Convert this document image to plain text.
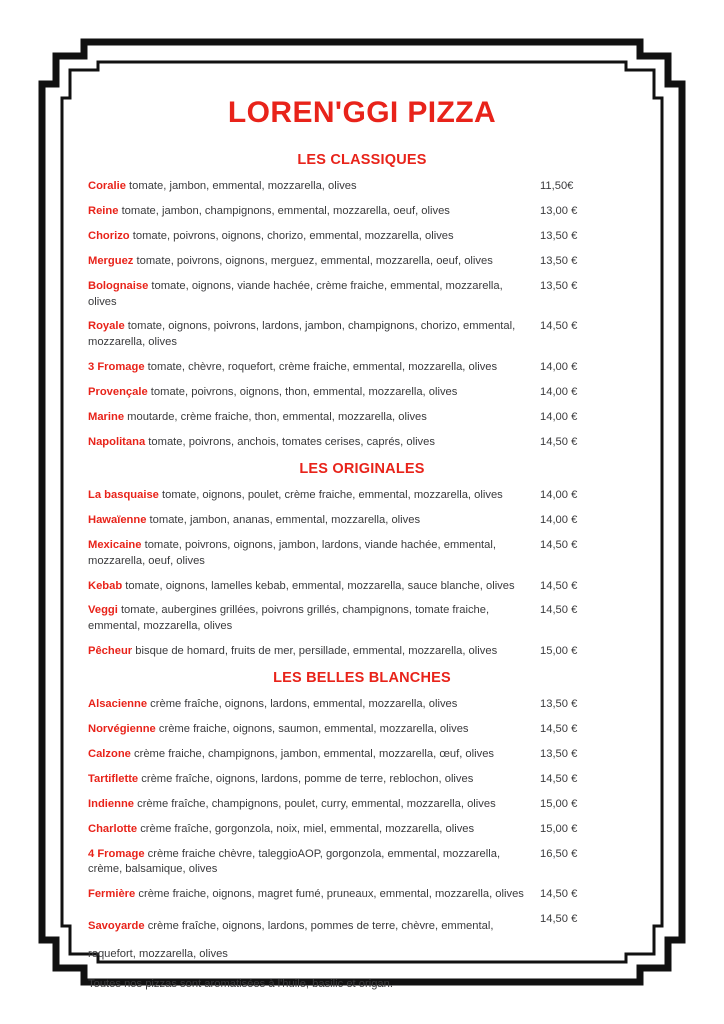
LOREN'GGI PIZZA
LES CLASSIQUES
Coralie tomate, jambon, emmental, mozzarella, olives	11,50€
Reine tomate, jambon, champignons, emmental, mozzarella, oeuf, olives	13,00 €
Chorizo tomate, poivrons, oignons, chorizo, emmental, mozzarella, olives	13,50 €
Merguez tomate, poivrons, oignons, merguez, emmental, mozzarella, oeuf, olives	13,50 €
Bolognaise tomate, oignons, viande hachée, crème fraiche, emmental, mozzarella, olives
13,50 €
Royale tomate, oignons, poivrons, lardons, jambon, champignons, chorizo, emmental, mozzarella, olives
14,50 €
3 Fromage tomate, chèvre, roquefort, crème fraiche, emmental, mozzarella, olives	14,00 €
Provençale tomate, poivrons, oignons, thon, emmental, mozzarella, olives	14,00 €
Marine moutarde, crème fraiche, thon, emmental, mozzarella, olives	14,00 €
Napolitana tomate, poivrons, anchois, tomates cerises, caprés, olives	14,50 €
LES ORIGINALES
La basquaise tomate, oignons, poulet, crème fraiche, emmental, mozzarella, olives	14,00 €
Hawaïenne tomate, jambon, ananas, emmental, mozzarella, olives	14,00 €
Mexicaine tomate, poivrons, oignons, jambon, lardons, viande hachée, emmental, mozzarella, oeuf, olives
14,50 €
Kebab tomate, oignons, lamelles kebab, emmental, mozzarella, sauce blanche, olives	14,50 €
Veggi tomate, aubergines grillées, poivrons grillés, champignons, tomate fraiche, emmental, mozzarella, olives
14,50 €
Pêcheur bisque de homard, fruits de mer, persillade, emmental, mozzarella, olives	15,00 €
LES BELLES BLANCHES
Alsacienne crème fraîche, oignons, lardons, emmental, mozzarella, olives	13,50 €
Norvégienne crème fraiche, oignons, saumon, emmental, mozzarella, olives	14,50 €
Calzone crème fraiche, champignons, jambon, emmental, mozzarella, œuf, olives	13,50 €
Tartiflette crème fraîche, oignons, lardons, pomme de terre, reblochon, olives	14,50 €
Indienne crème fraîche, champignons, poulet, curry, emmental, mozzarella, olives	15,00 €
Charlotte crème fraîche, gorgonzola, noix, miel, emmental, mozzarella, olives	15,00 €
4 Fromage crème fraiche chèvre, taleggioAOP, gorgonzola, emmental, mozzarella, crème, balsamique, olives
16,50 €
Fermière crème fraiche, oignons, magret fumé, pruneaux, emmental, mozzarella, olives	14,50 €
Savoyarde crème fraîche, oignons, lardons, pommes de terre, chèvre, emmental, roquefort, mozzarella, olives
14,50 €
Toutes nos pizzas sont aromatisées à l'huile, basilic et origan.
